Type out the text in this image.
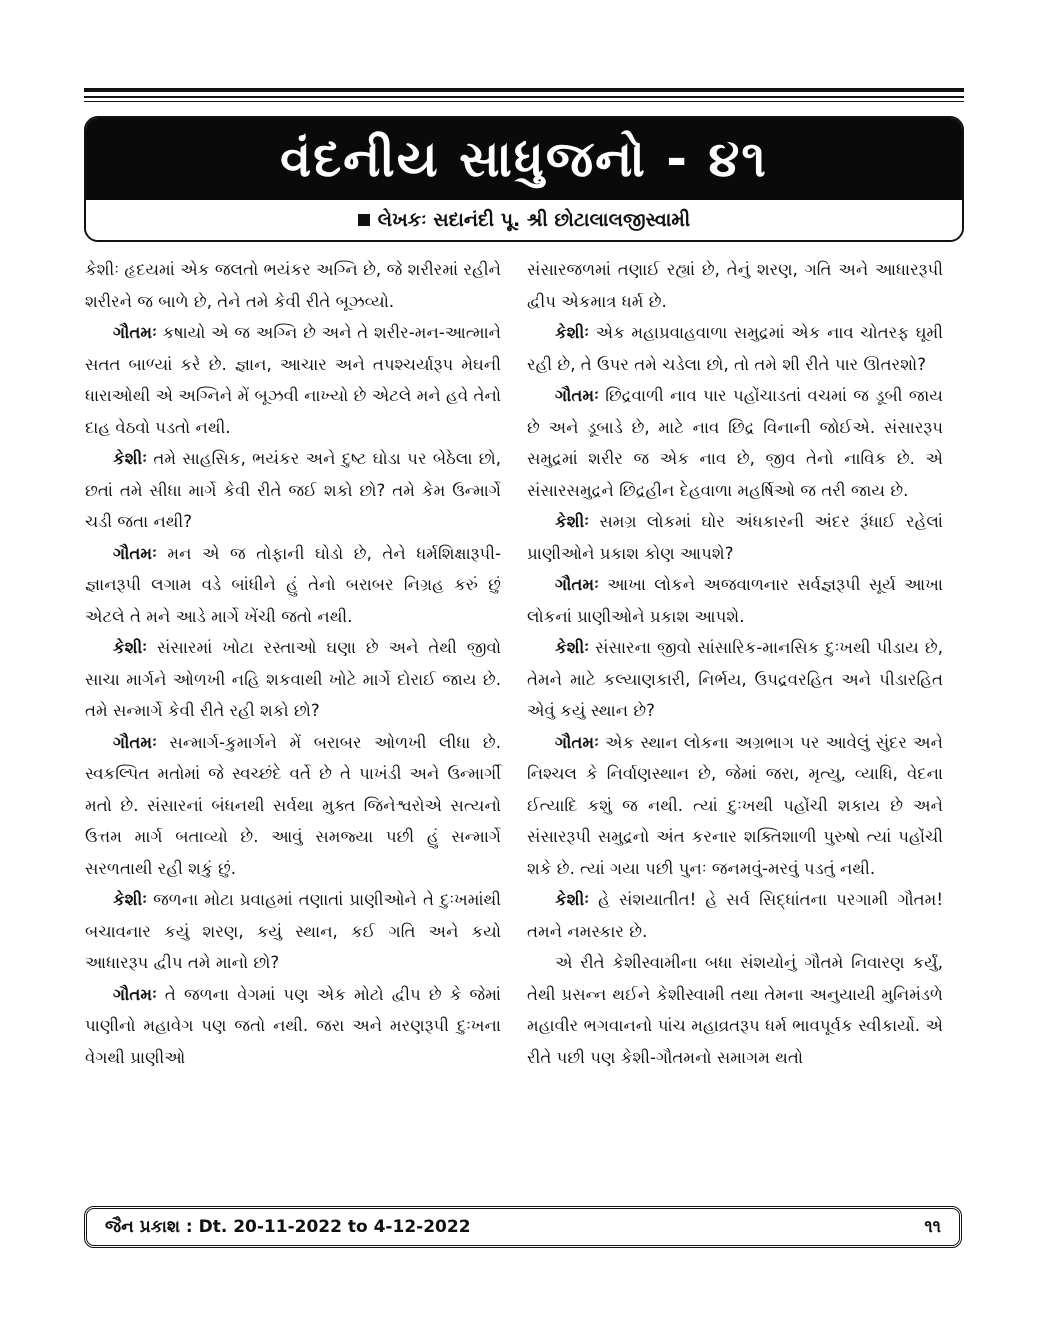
વંદનીય સાધુજનો - ૪૧
લેખકઃ સદાનંદી પૂ. શ્રી છોટાલાલજીસ્વામી

કેશીઃ હૃદયમાં એક જલતો ભયંકર અગ્નિ છે, જે શરીરમાં રહીને શરીરને જ બાળે છે, તેને તમે કેવી રીતે બૂઝવ્યો.

ગૌતમઃ કષાયો એ જ અગ્નિ છે અને તે શરીર-મન-આત્માને સતત બાળ્યાં કરે છે. જ્ઞાન, આચાર અને તપશ્ચર્યારૂપ મેઘની ધારાઓથી એ અગ્નિને મેં બૂઝવી નાખ્યો છે એટલે મને હવે તેનો દાહ વેઠવો પડતો નથી.

કેશીઃ તમે સાહસિક, ભયંકર અને દુષ્ટ ઘોડા પર બેઠેલા છો, છતાં તમે સીધા માર્ગે કેવી રીતે જઈ શકો છો? તમે કેમ ઉન્માર્ગે ચડી જતા નથી?

ગૌતમઃ મન એ જ તોફાની ઘોડો છે, તેને ધર્મશિક્ષારૂપી-જ્ઞાનરૂપી લગામ વડે બાંધીને હું તેનો બરાબર નિગ્રહ કરું છું એટલે તે મને આડે માર્ગે ખેંચી જતો નથી.

કેશીઃ સંસારમાં ખોટા રસ્તાઓ ઘણા છે અને તેથી જીવો સાચા માર્ગને ઓળખી નહિ શકવાથી ખોટે માર્ગે દોરાઈ જાય છે. તમે સન્માર્ગે કેવી રીતે રહી શકો છો?

ગૌતમઃ સન્માર્ગ-કુમાર્ગને મેં બરાબર ઓળખી લીધા છે. સ્વકલ્પિત મતોમાં જે સ્વચ્છંદે વર્તે છે તે પાખંડી અને ઉન્માર્ગી મતો છે. સંસારનાં બંધનથી સર્વથા મુક્ત જિનેશ્વરોએ સત્યનો ઉત્તમ માર્ગ બતાવ્યો છે. આવું સમજ્યા પછી હું સન્માર્ગે સરળતાથી રહી શકું છું.

કેશીઃ જળના મોટા પ્રવાહમાં તણાતાં પ્રાણીઓને તે દુઃખમાંથી બચાવનાર કયું શરણ, કયું સ્થાન, કઈ ગતિ અને કયો આધારરૂપ દ્વીપ તમે માનો છો?

ગૌતમઃ તે જળના વેગમાં પણ એક મોટો દ્વીપ છે કે જેમાં પાણીનો મહાવેગ પણ જતો નથી. જરા અને મરણરૂપી દુઃખના વેગથી પ્રાણીઓ

સંસારજળમાં તણાઈ રહ્યાં છે, તેનું શરણ, ગતિ અને આધારરૂપી દ્વીપ એકમાત્ર ધર્મ છે.

કેશીઃ એક મહાપ્રવાહવાળા સમુદ્રમાં એક નાવ ચોતરફ ઘૂમી રહી છે, તે ઉપર તમે ચડેલા છો, તો તમે શી રીતે પાર ઊતરશો?

ગૌતમઃ છિદ્રવાળી નાવ પાર પહોંચાડતાં વચમાં જ ડૂબી જાય છે અને ડૂબાડે છે, માટે નાવ છિદ્ર વિનાની જોઈએ. સંસારરૂપ સમુદ્રમાં શરીર જ એક નાવ છે, જીવ તેનો નાવિક છે. એ સંસારસમુદ્રને છિદ્રહીન દેહવાળા મહર્ષિઓ જ તરી જાય છે.

કેશીઃ સમગ્ર લોકમાં ઘોર અંધકારની અંદર રૂંધાઈ રહેલાં પ્રાણીઓને પ્રકાશ કોણ આપશે?

ગૌતમઃ આખા લોકને અજવાળનાર સર્વજ્ઞરૂપી સૂર્ય આખા લોકનાં પ્રાણીઓને પ્રકાશ આપશે.

કેશીઃ સંસારના જીવો સાંસારિક-માનસિક દુઃખથી પીડાય છે, તેમને માટે કલ્યાણકારી, નિર્ભય, ઉપદ્રવરહિત અને પીડારહિત એવું કયું સ્થાન છે?

ગૌતમઃ એક સ્થાન લોકના અગ્રભાગ પર આવેલું સુંદર અને નિશ્ચલ કે નિર્વાણસ્થાન છે, જેમાં જરા, મૃત્યુ, વ્યાધિ, વેદના ઈત્યાદિ કશું જ નથી. ત્યાં દુઃખથી પહોંચી શકાય છે અને સંસારરૂપી સમુદ્રનો અંત કરનાર શક્તિશાળી પુરુષો ત્યાં પહોંચી શકે છે. ત્યાં ગયા પછી પુનઃ જનમવું-મરવું પડતું નથી.

કેશીઃ હે સંશયાતીત! હે સર્વ સિદ્ધાંતના પરગામી ગૌતમ! તમને નમસ્કાર છે.

એ રીતે કેશીસ્વામીના બધા સંશયોનું ગૌતમે નિવારણ કર્યું, તેથી પ્રસન્ન થઈને કેશીસ્વામી તથા તેમના અનુયાયી મુનિમંડળે મહાવીર ભગવાનનો પાંચ મહાવ્રતરૂપ ધર્મ ભાવપૂર્વક સ્વીકાર્યો. એ રીતે પછી પણ કેશી-ગૌતમનો સમાગમ થતો

જૈન પ્રકાશ : Dt. 20-11-2022 to 4-12-2022	૧૧
